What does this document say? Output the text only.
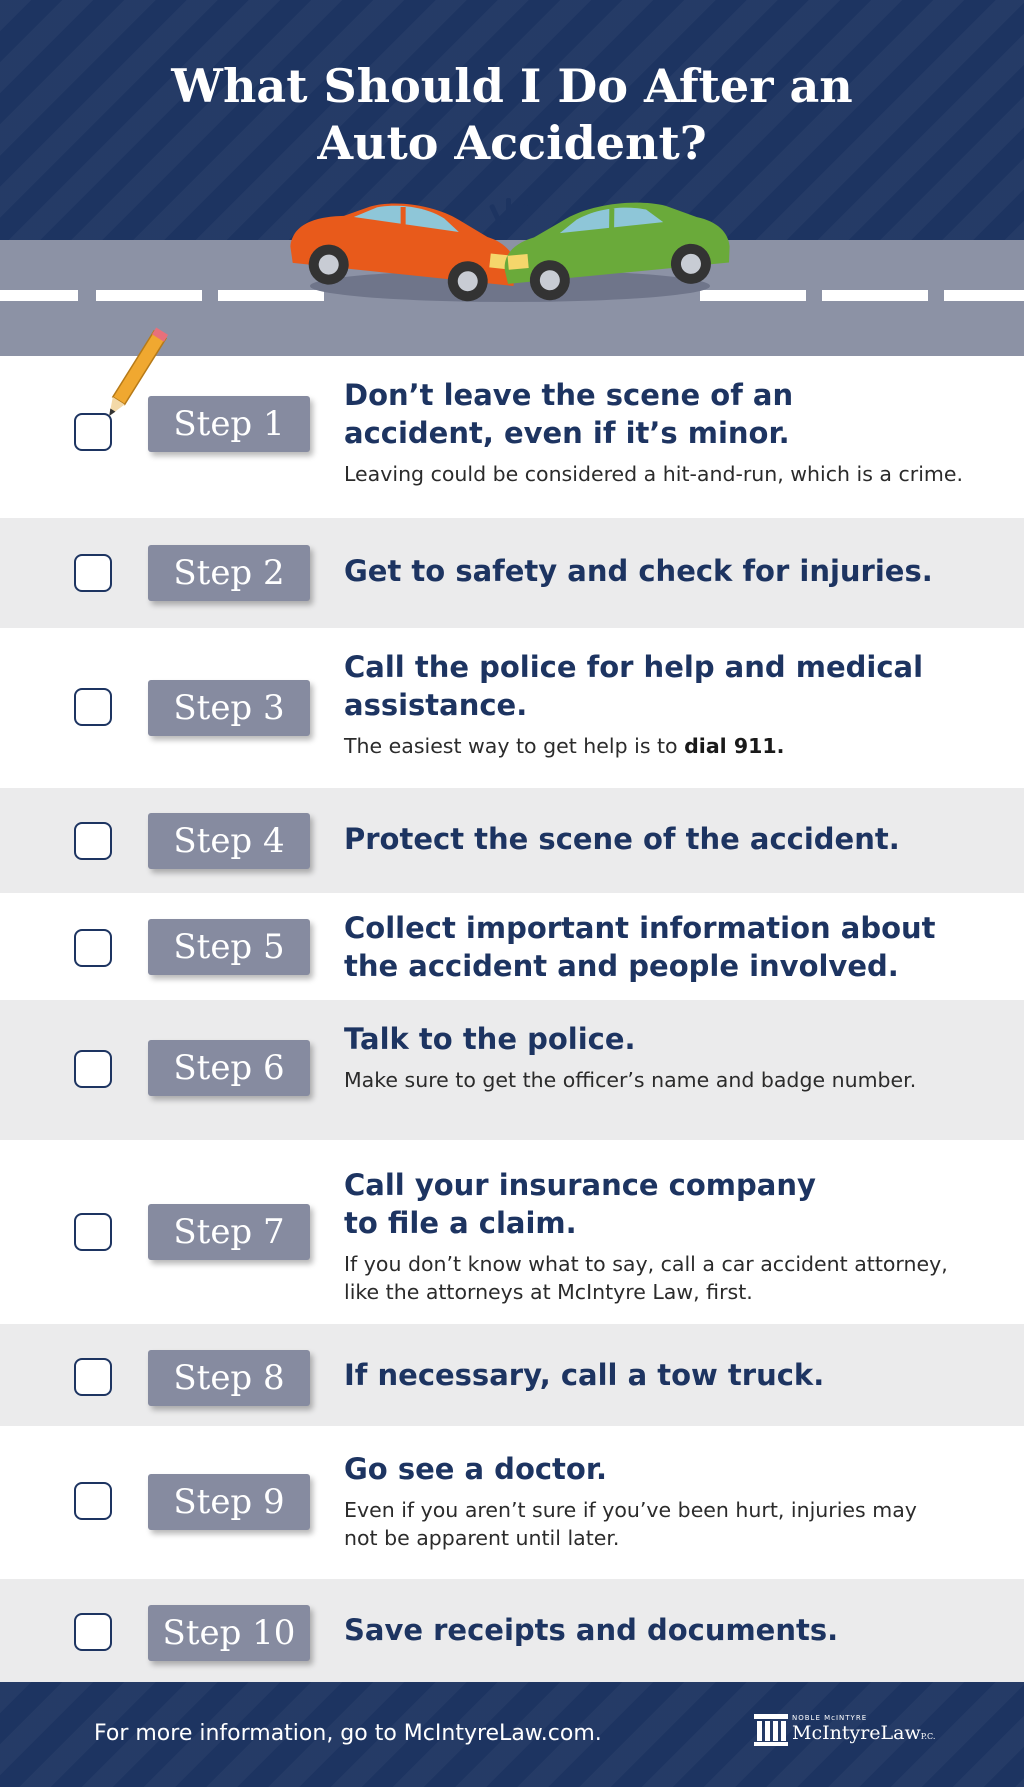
What Should I Do After an
Auto Accident?
Step 1
Don’t leave the scene of an
accident, even if it’s minor.
Leaving could be considered a hit-and-run, which is a crime.
Step 2	Get to safety and check for injuries.
Step 3
Call the police for help and medical
assistance.
The easiest way to get help is to dial 911.
Step 4	Protect the scene of the accident.
Step 5	Collect important information about
the accident and people involved.
Step 6
Talk to the police.
Make sure to get the officer’s name and badge number.
Step 7
Call your insurance company
to file a claim.
If you don’t know what to say, call a car accident attorney,
like the attorneys at McIntyre Law, first.
Step 8	If necessary, call a tow truck.
Step 9
Go see a doctor.
Even if you aren’t sure if you’ve been hurt, injuries may
not be apparent until later.
Step 10	Save receipts and documents.
For more information, go to McIntyreLaw.com.
NOBLE McINTYRE
McIntyreLawP.C.
